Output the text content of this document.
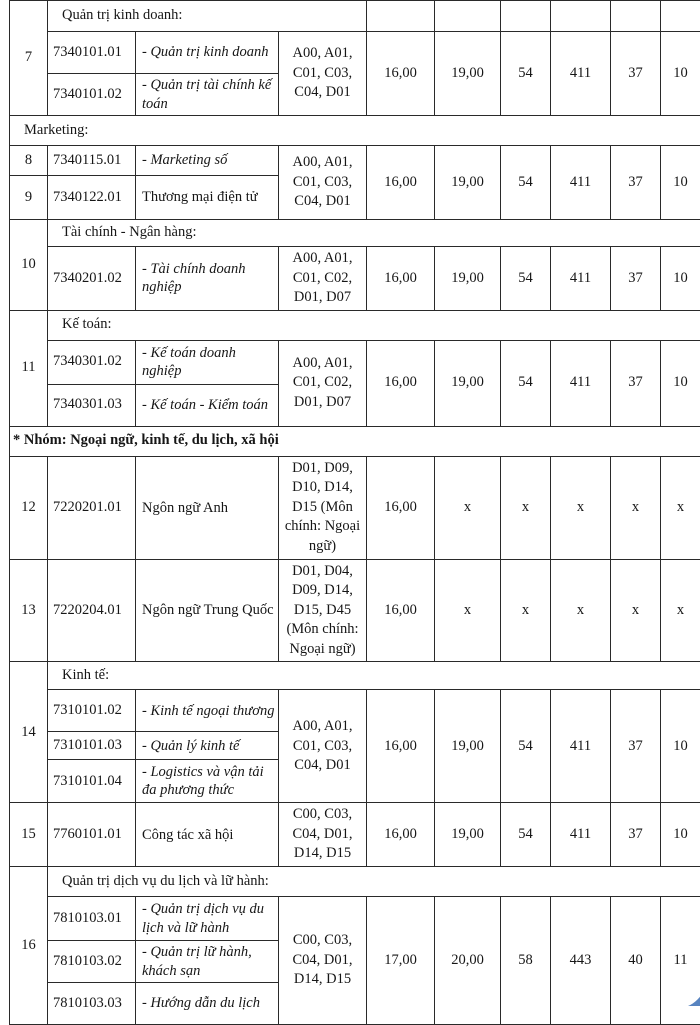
7	Quản trị kinh doanh:								
	7340101.01	- Quản trị kinh doanh	A00, A01, C01, C03, C04, D01	16,00	19,00	54	411	37	10
	7340101.02	- Quản trị tài chính kế toán							
Marketing:									
8	7340115.01	- Marketing số	A00, A01, C01, C03, C04, D01	16,00	19,00	54	411	37	10
9	7340122.01	Thương mại điện tử							
10	Tài chính - Ngân hàng:								
	7340201.02	- Tài chính doanh nghiệp	A00, A01, C01, C02, D01, D07	16,00	19,00	54	411	37	10
11	Kế toán:								
	7340301.02	- Kế toán doanh nghiệp	A00, A01, C01, C02, D01, D07	16,00	19,00	54	411	37	10
	7340301.03	- Kế toán - Kiểm toán							
* Nhóm: Ngoại ngữ, kinh tế, du lịch, xã hội									
12	7220201.01	Ngôn ngữ Anh	D01, D09, D10, D14, D15 (Môn chính: Ngoại ngữ)	16,00	x	x	x	x	x
13	7220204.01	Ngôn ngữ Trung Quốc	D01, D04, D09, D14, D15, D45 (Môn chính: Ngoại ngữ)	16,00	x	x	x	x	x
14	Kinh tế:								
	7310101.02	- Kinh tế ngoại thương	A00, A01, C01, C03, C04, D01	16,00	19,00	54	411	37	10
	7310101.03	- Quản lý kinh tế							
	7310101.04	- Logistics và vận tải đa phương thức							
15	7760101.01	Công tác xã hội	C00, C03, C04, D01, D14, D15	16,00	19,00	54	411	37	10
16	Quản trị dịch vụ du lịch và lữ hành:								
	7810103.01	- Quản trị dịch vụ du lịch và lữ hành	C00, C03, C04, D01, D14, D15	17,00	20,00	58	443	40	11
	7810103.02	- Quản trị lữ hành, khách sạn							
	7810103.03	- Hướng dẫn du lịch							
